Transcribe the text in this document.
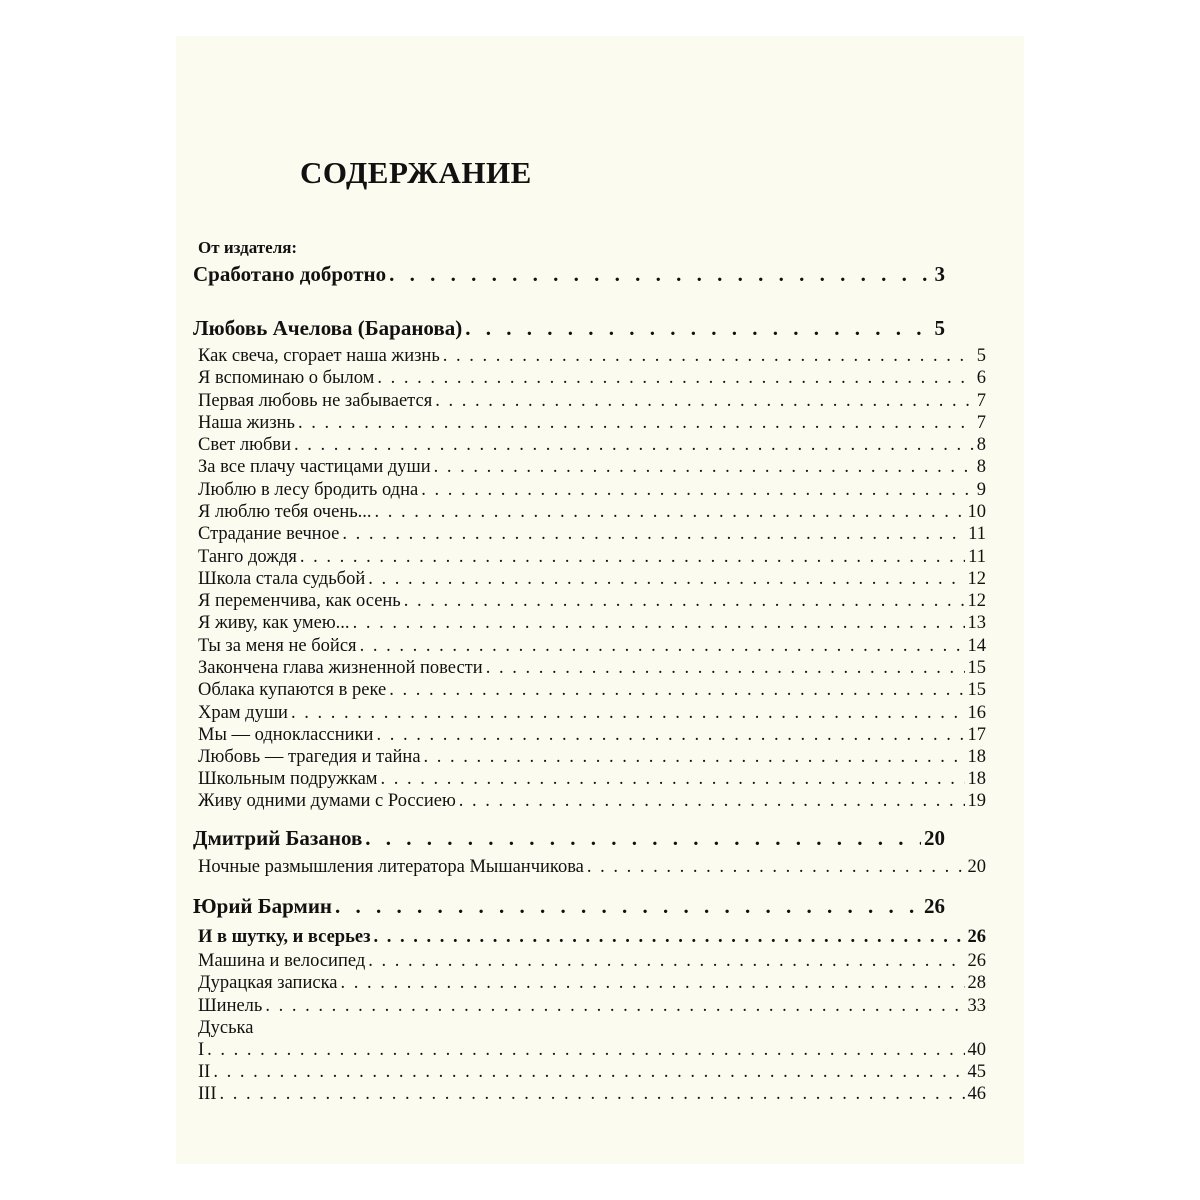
СОДЕРЖАНИЕ
От издателя:
Сработано добротно . . .	3
Любовь Ачелова (Баранова) . . .	5
Как свеча, сгорает наша жизнь . . .	5
Я вспоминаю о былом . . .	6
Первая любовь не забывается . . .	7
Наша жизнь . . .	7
Свет любви . . .	8
За все плачу частицами души . . .	8
Люблю в лесу бродить одна . . .	9
Я люблю тебя очень... . . .	10
Страдание вечное . . .	11
Танго дождя . . .	11
Школа стала судьбой . . .	12
Я переменчива, как осень . . .	12
Я живу, как умею... . . .	13
Ты за меня не бойся . . .	14
Закончена глава жизненной повести . . .	15
Облака купаются в реке . . .	15
Храм души . . .	16
Мы — одноклассники . . .	17
Любовь — трагедия и тайна . . .	18
Школьным подружкам . . .	18
Живу одними думами с Россиею . . .	19
Дмитрий Базанов . . .	20
Ночные размышления литератора Мышанчикова . . .	20
Юрий Бармин . . .	26
И в шутку, и всерьез . . .	26
Машина и велосипед . . .	26
Дурацкая записка . . .	28
Шинель . . .	33
Дуська
I . . .	40
II . . .	45
III . . .	46
